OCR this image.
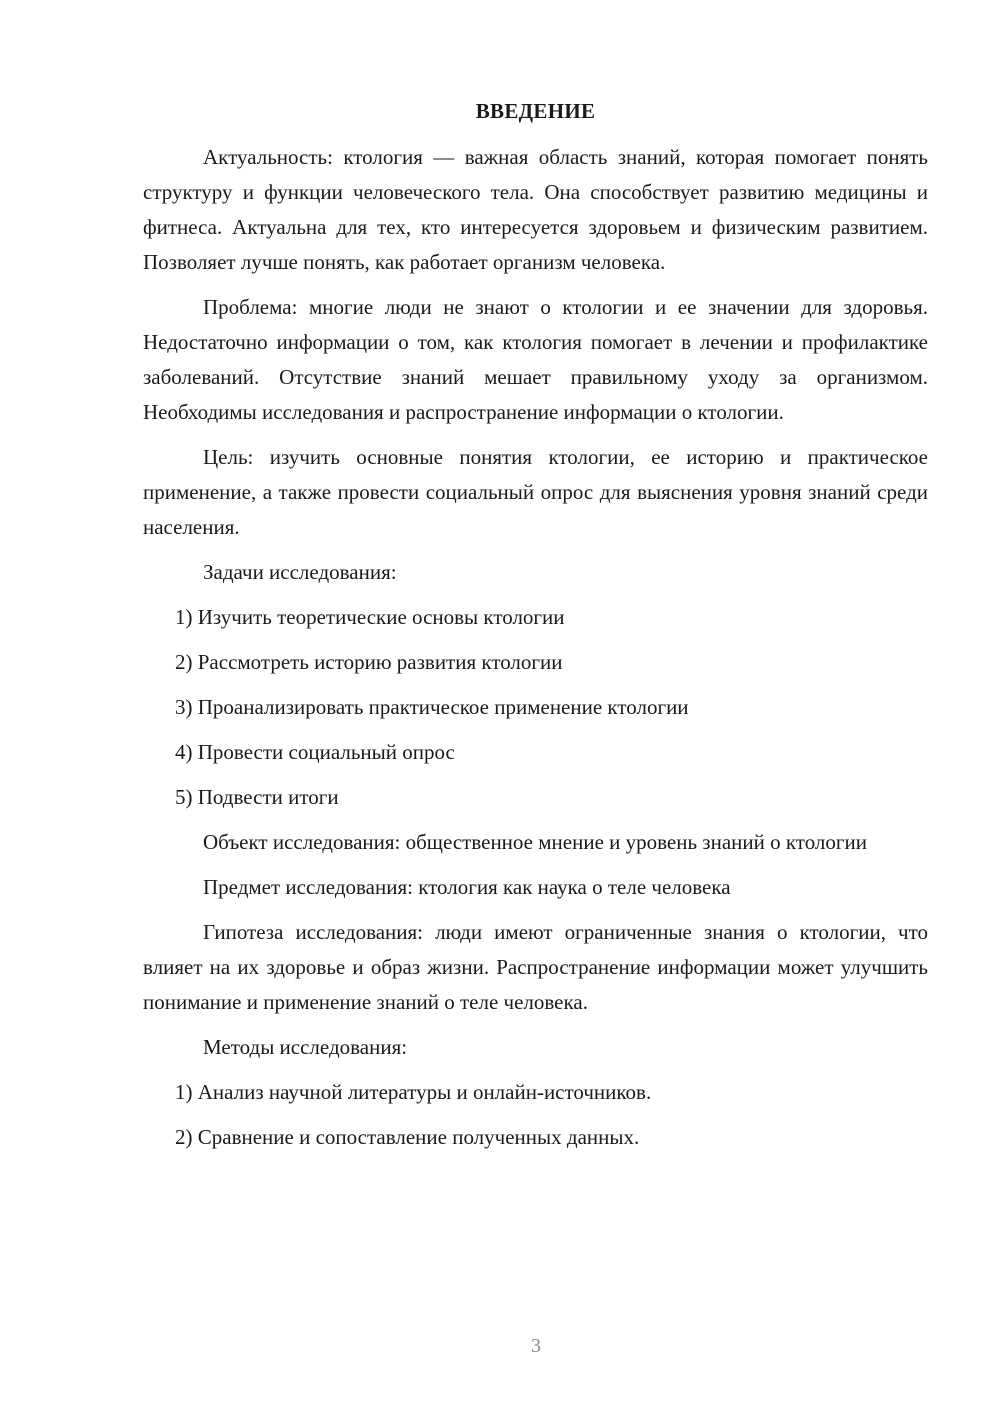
ВВЕДЕНИЕ

Актуальность: ктология — важная область знаний, которая помогает понять структуру и функции человеческого тела. Она способствует развитию медицины и фитнеса. Актуальна для тех, кто интересуется здоровьем и физическим развитием. Позволяет лучше понять, как работает организм человека.

Проблема: многие люди не знают о ктологии и ее значении для здоровья. Недостаточно информации о том, как ктология помогает в лечении и профилактике заболеваний. Отсутствие знаний мешает правильному уходу за организмом. Необходимы исследования и распространение информации о ктологии.

Цель: изучить основные понятия ктологии, ее историю и практическое применение, а также провести социальный опрос для выяснения уровня знаний среди населения.

Задачи исследования:
1) Изучить теоретические основы ктологии
2) Рассмотреть историю развития ктологии
3) Проанализировать практическое применение ктологии
4) Провести социальный опрос
5) Подвести итоги

Объект исследования: общественное мнение и уровень знаний о ктологии

Предмет исследования: ктология как наука о теле человека

Гипотеза исследования: люди имеют ограниченные знания о ктологии, что влияет на их здоровье и образ жизни. Распространение информации может улучшить понимание и применение знаний о теле человека.

Методы исследования:
1) Анализ научной литературы и онлайн-источников.
2) Сравнение и сопоставление полученных данных.
3
